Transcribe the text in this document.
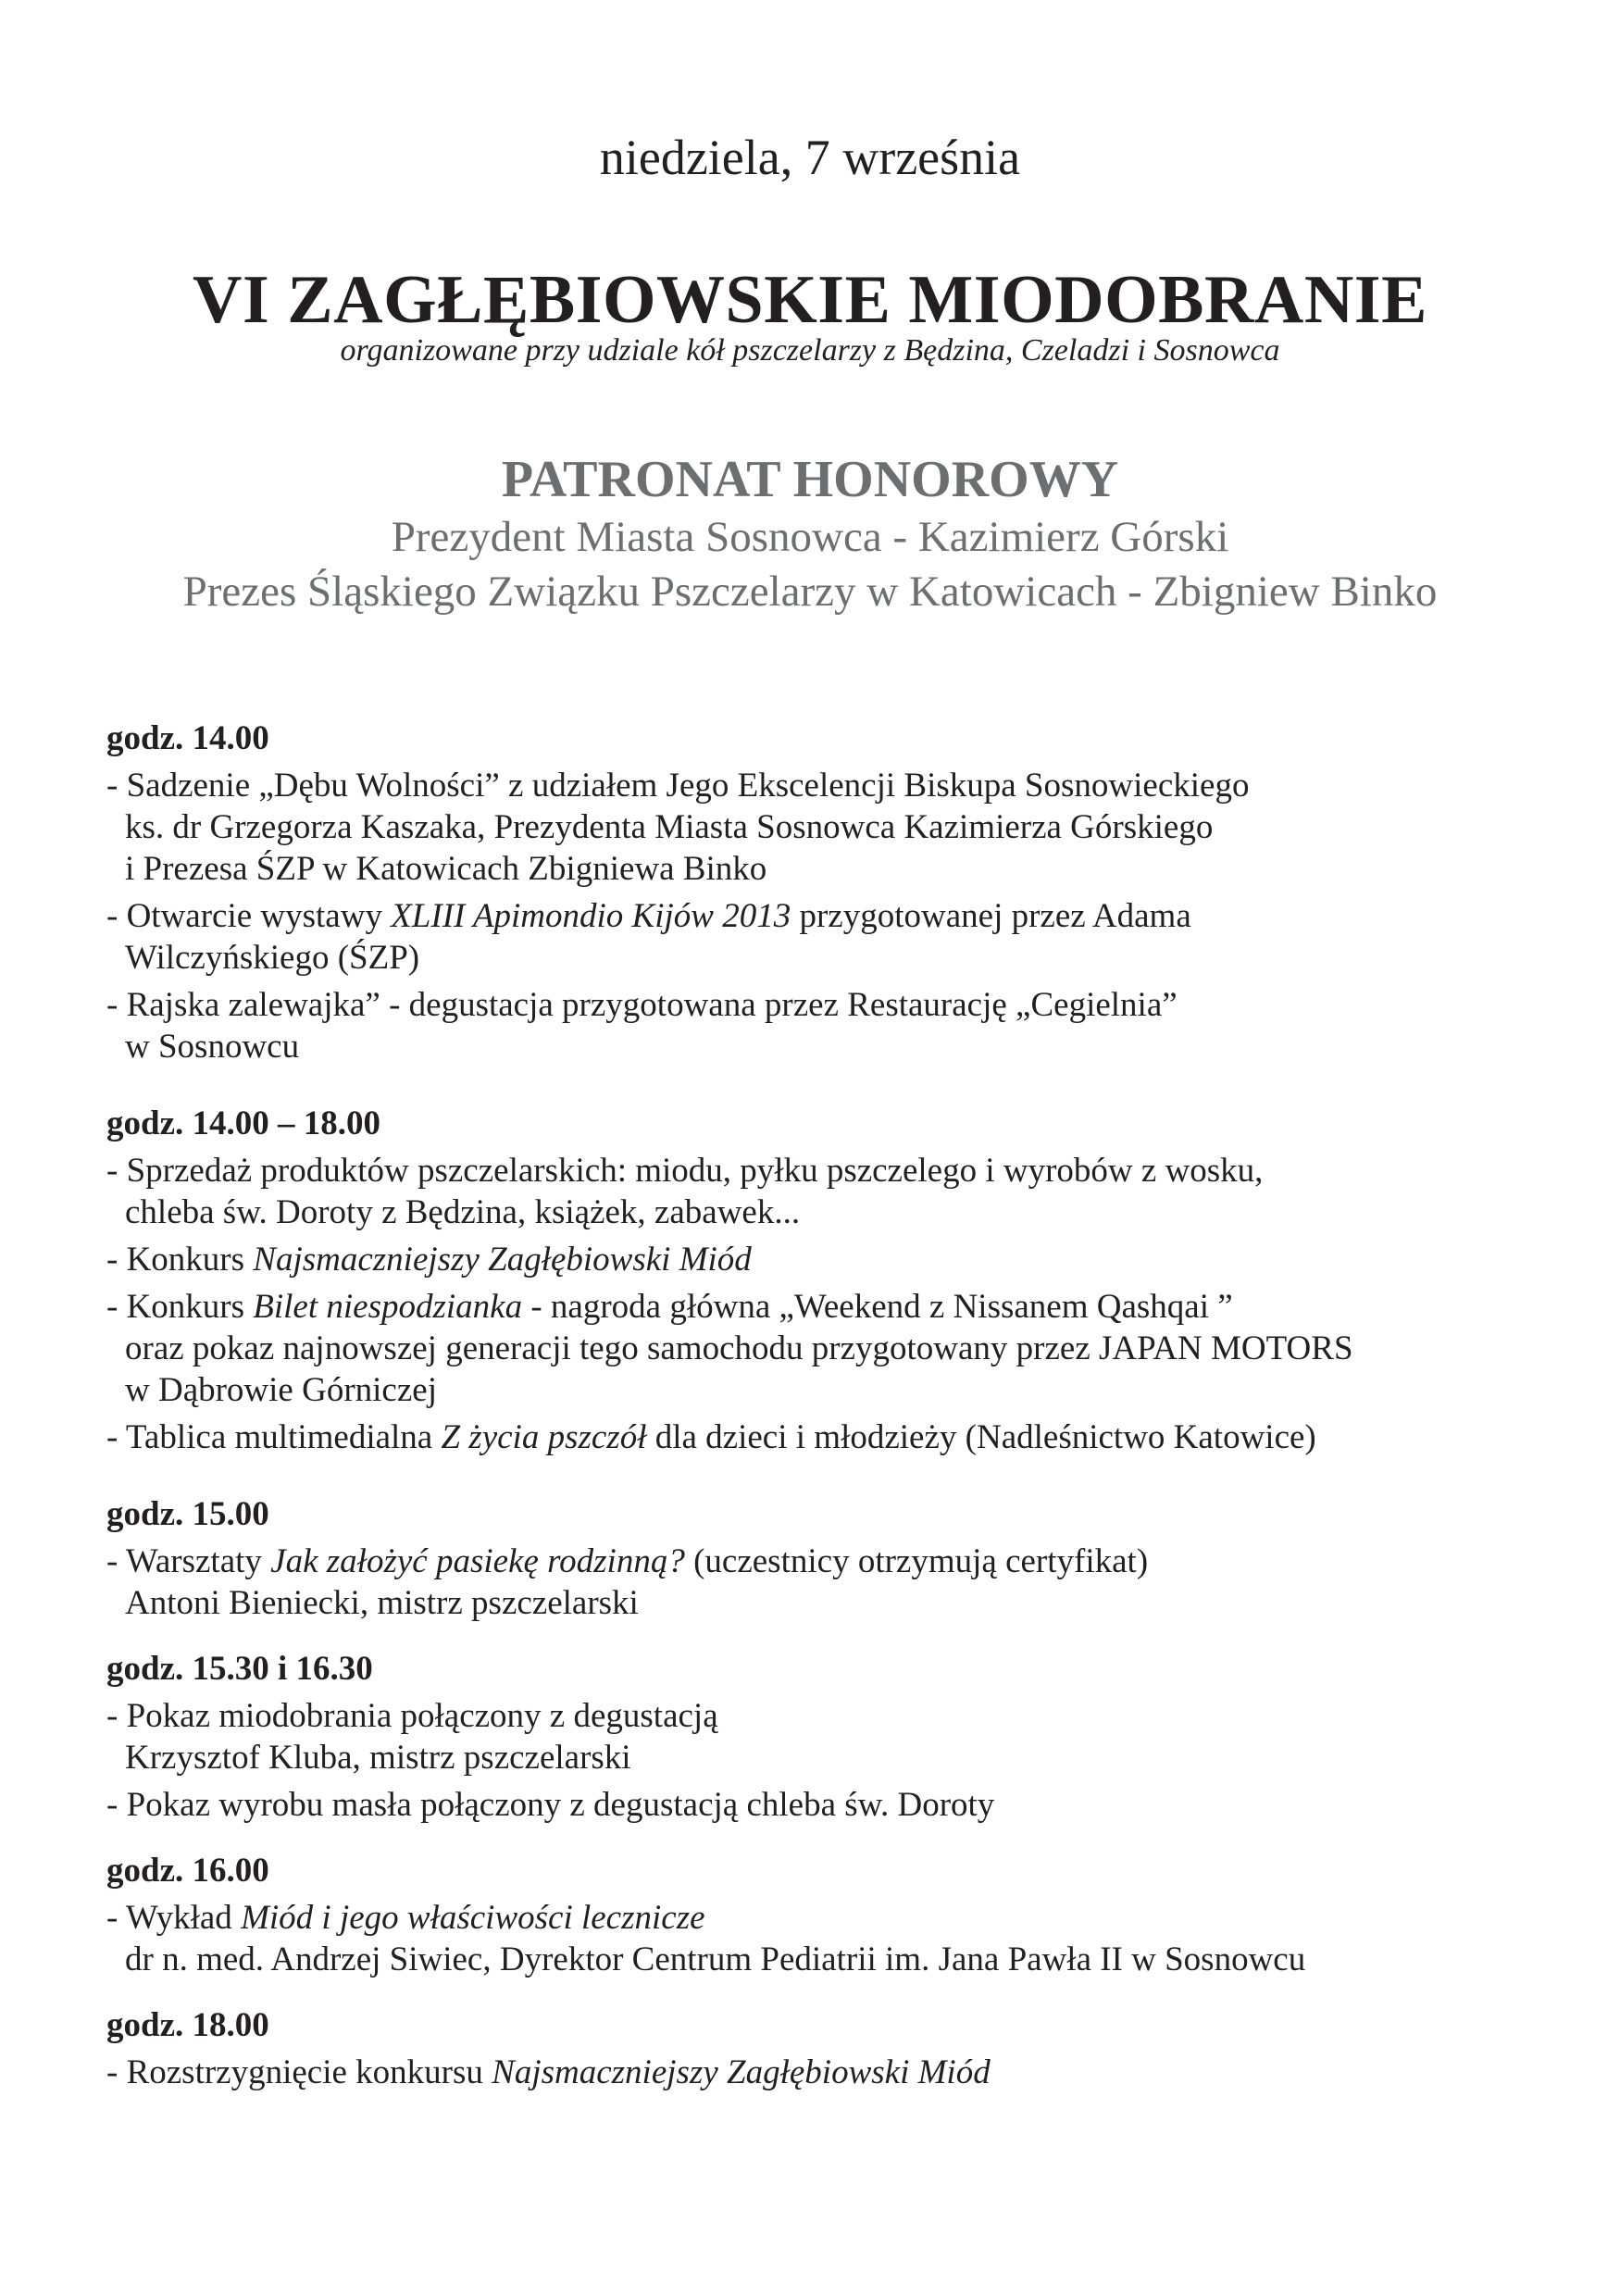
niedziela, 7 września
VI ZAGŁĘBIOWSKIE MIODOBRANIE
organizowane przy udziale kół pszczelarzy z Będzina, Czeladzi i Sosnowca
PATRONAT HONOROWY
Prezydent Miasta Sosnowca - Kazimierz Górski
Prezes Śląskiego Związku Pszczelarzy w Katowicach - Zbigniew Binko
godz. 14.00
- Sadzenie „Dębu Wolności” z udziałem Jego Ekscelencji Biskupa Sosnowieckiego
ks. dr Grzegorza Kaszaka, Prezydenta Miasta Sosnowca Kazimierza Górskiego
i Prezesa ŚZP w Katowicach Zbigniewa Binko
- Otwarcie wystawy XLIII Apimondio Kijów 2013 przygotowanej przez Adama
Wilczyńskiego (ŚZP)
- Rajska zalewajka” - degustacja przygotowana przez Restaurację „Cegielnia”
w Sosnowcu
godz. 14.00 – 18.00
- Sprzedaż produktów pszczelarskich: miodu, pyłku pszczelego i wyrobów z wosku,
chleba św. Doroty z Będzina, książek, zabawek...
- Konkurs Najsmaczniejszy Zagłębiowski Miód
- Konkurs Bilet niespodzianka - nagroda główna „Weekend z Nissanem Qashqai ”
oraz pokaz najnowszej generacji tego samochodu przygotowany przez JAPAN MOTORS
w Dąbrowie Górniczej
- Tablica multimedialna Z życia pszczół dla dzieci i młodzieży (Nadleśnictwo Katowice)
godz. 15.00
- Warsztaty Jak założyć pasiekę rodzinną? (uczestnicy otrzymują certyfikat)
Antoni Bieniecki, mistrz pszczelarski
godz. 15.30 i 16.30
- Pokaz miodobrania połączony z degustacją
Krzysztof Kluba, mistrz pszczelarski
- Pokaz wyrobu masła połączony z degustacją chleba św. Doroty
godz. 16.00
- Wykład Miód i jego właściwości lecznicze
dr n. med. Andrzej Siwiec, Dyrektor Centrum Pediatrii im. Jana Pawła II w Sosnowcu
godz. 18.00
- Rozstrzygnięcie konkursu Najsmaczniejszy Zagłębiowski Miód
